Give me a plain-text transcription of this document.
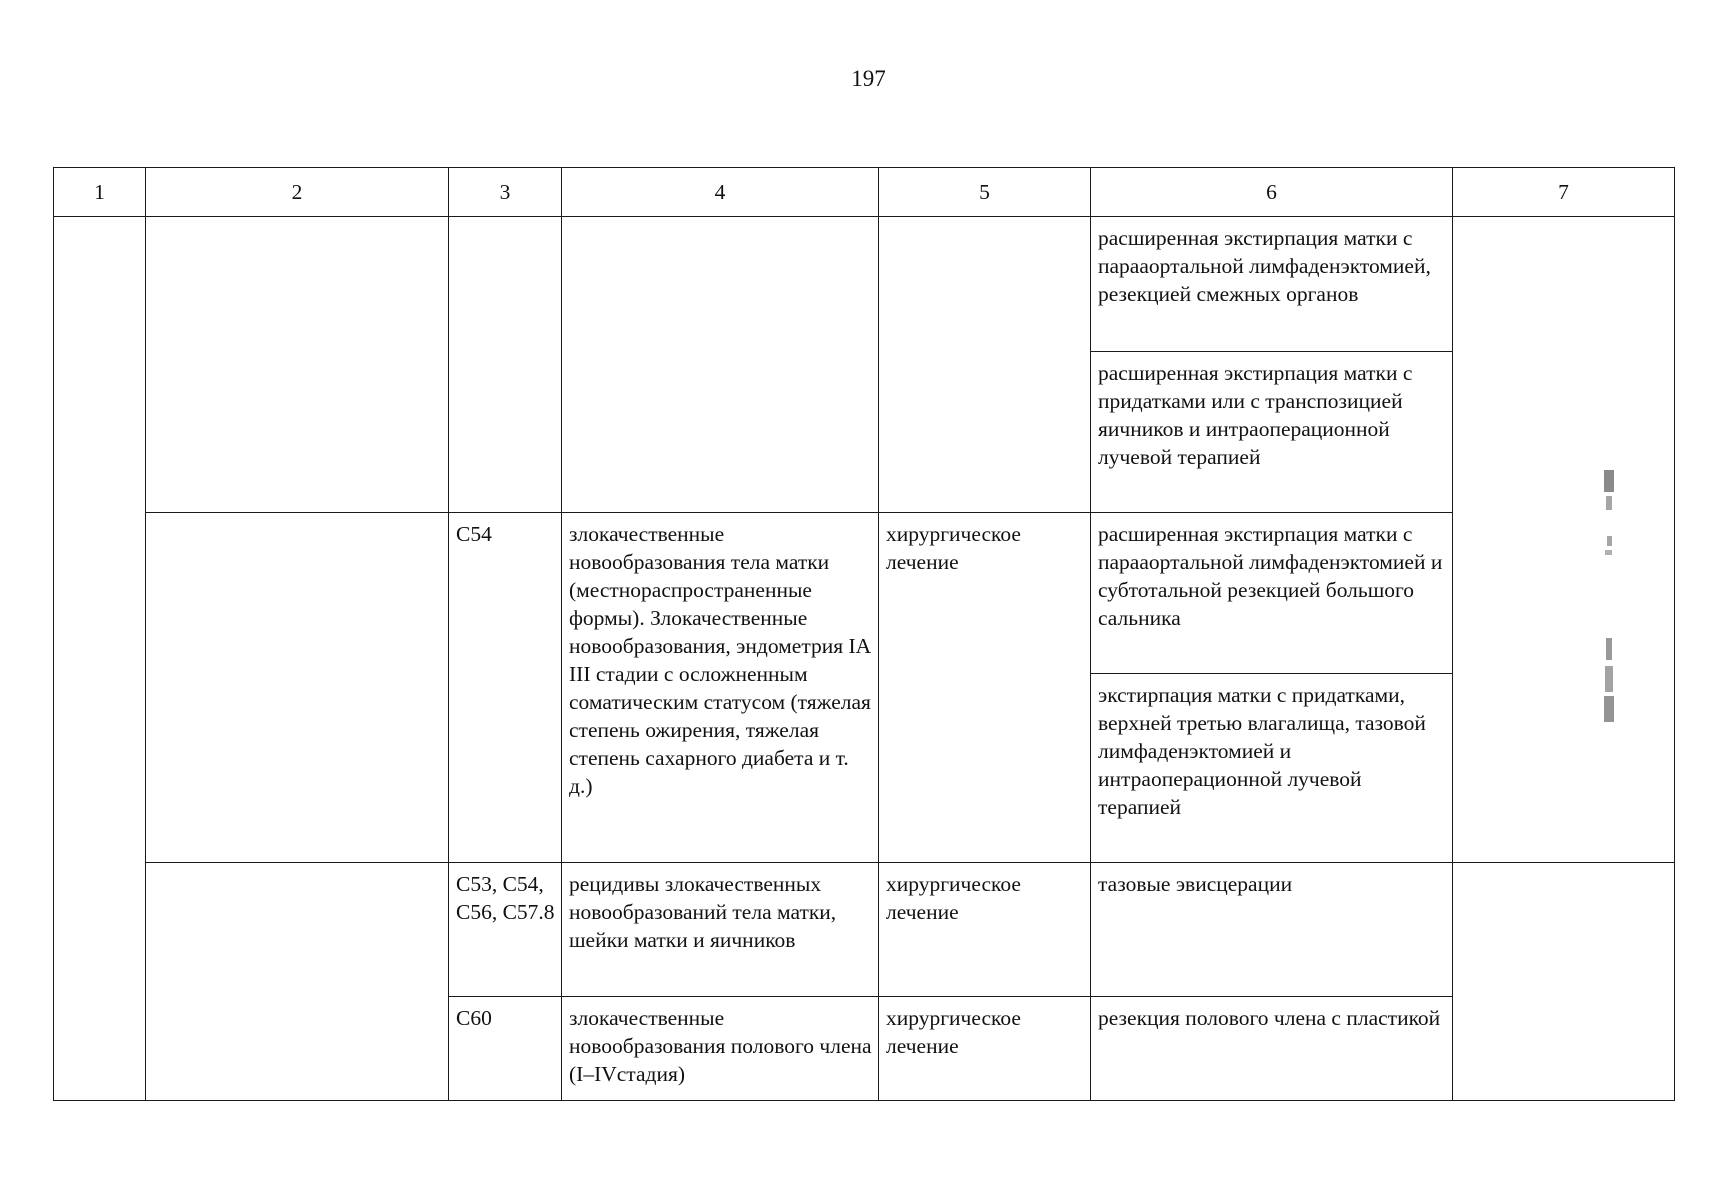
197
1	2	3	4	5	6	7
					расширенная экстирпация матки с парааортальной лимфаденэктомией, резекцией смежных органов	
					расширенная экстирпация матки с придатками или с транспозицией яичников и интраоперационной лучевой терапией	
		C54	злокачественные новообразования тела матки (местнораспространенные формы). Злокачественные новообразования, эндометрия IA III стадии с осложненным соматическим статусом (тяжелая степень ожирения, тяжелая степень сахарного диабета и т. д.)	хирургическое лечение	расширенная экстирпация матки с парааортальной лимфаденэктомией и субтотальной резекцией большого сальника	
					экстирпация матки с придатками, верхней третью влагалища, тазовой лимфаденэктомией и интраоперационной лучевой терапией	
		C53, C54, C56, C57.8	рецидивы злокачественных новообразований тела матки, шейки матки и яичников	хирургическое лечение	тазовые эвисцерации	
		C60	злокачественные новообразования полового члена (I–IVстадия)	хирургическое лечение	резекция полового члена с пластикой	
